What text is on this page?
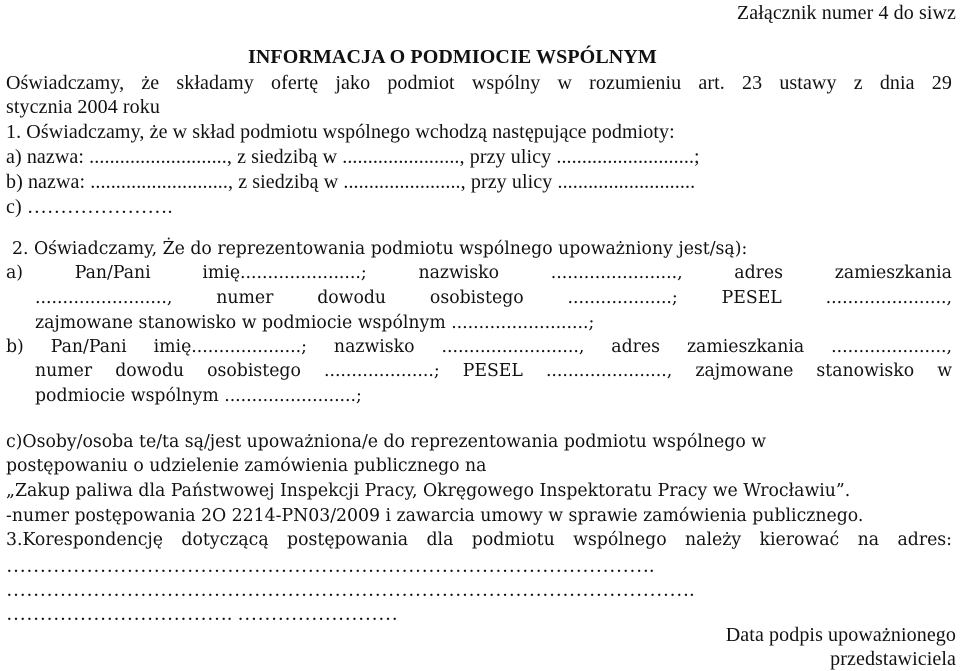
Załącznik numer 4 do siwz
INFORMACJA O PODMIOCIE WSPÓLNYM
Oświadczamy, że składamy ofertę jako podmiot wspólny w rozumieniu art. 23 ustawy z dnia 29
stycznia 2004 roku
1. Oświadczamy, że w skład podmiotu wspólnego wchodzą następujące podmioty:
a) nazwa: ..........................., z siedzibą w ......................., przy ulicy ...........................;
b) nazwa: ..........................., z siedzibą w ......................., przy ulicy ...........................
c) ………………….
2. Oświadczamy, Że do reprezentowania podmiotu wspólnego upoważniony jest/są):
a) Pan/Pani imię......................; nazwisko ......................., adres zamieszkania
........................, numer dowodu osobistego ...................; PESEL ......................,
zajmowane stanowisko w podmiocie wspólnym .........................;
b) Pan/Pani imię....................; nazwisko ........................., adres zamieszkania .....................,
numer dowodu osobistego ....................; PESEL ......................, zajmowane stanowisko w
podmiocie wspólnym ........................;
c)Osoby/osoba te/ta są/jest upoważniona/e do reprezentowania podmiotu wspólnego w
postępowaniu o udzielenie zamówienia publicznego na
„Zakup paliwa dla Państwowej Inspekcji Pracy, Okręgowego Inspektoratu Pracy we Wrocławiu”.
-numer postępowania 2O 2214-PN03/2009 i zawarcia umowy w sprawie zamówienia publicznego.
3.Korespondencję dotyczącą postępowania dla podmiotu wspólnego należy kierować na adres:
…………………………………………………………………………………….
………………………………………………………………………………………….
……………………………. ……………………
Data podpis upoważnionego
przedstawiciela
